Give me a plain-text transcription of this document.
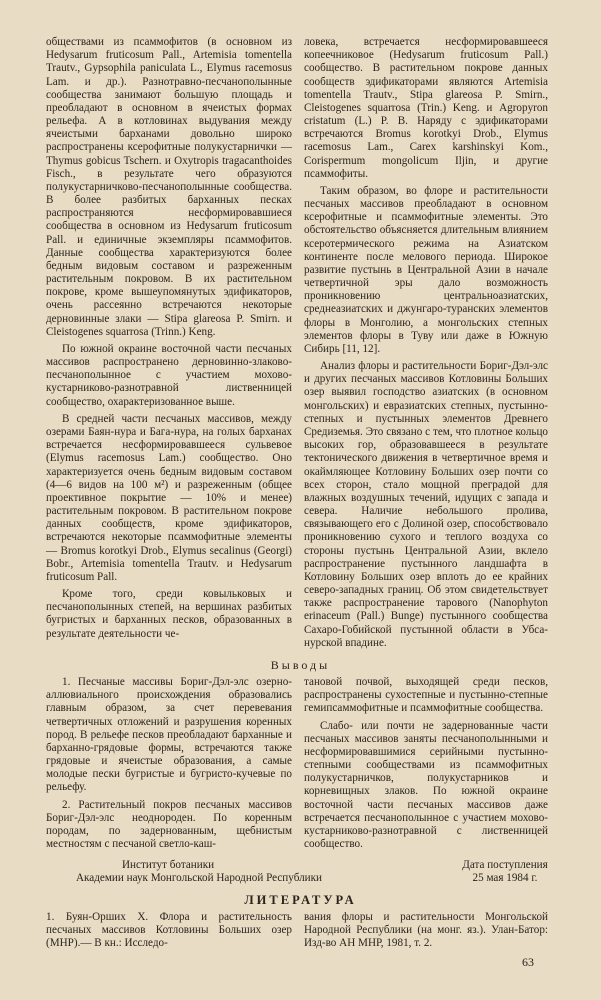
обществами из псаммофитов (в основном из Hedysarum fruticosum Pall., Artemisia tomentella Trautv., Gypsophila paniculata L., Elymus racemosus Lam. и др.). Разнотравно-песчанополынные сообщества занимают большую площадь и преобладают в основном в ячеистых формах рельефа. А в котловинах выдувания между ячеистыми барханами довольно широко распространены ксерофитные полукустарнички — Thymus gobicus Tschern. и Oxytropis tragacanthoides Fisch., в результате чего образуются полукустарничково-песчанополынные сообщества. В более разбитых барханных песках распространяются несформировавшиеся сообщества в основном из Hedysarum fruticosum Pall. и единичные экземпляры псаммофитов. Данные сообщества характеризуются более бедным видовым составом и разреженным растительным покровом. В их растительном покрове, кроме вышеупомянутых эдификаторов, очень рассеянно встречаются некоторые дерновинные злаки — Stipa glareosa P. Smirn. и Cleistogenes squarrosa (Trinn.) Keng.

По южной окраине восточной части песчаных массивов распространено дерновинно-злаково-песчанополынное с участием мохово-кустарниково-разнотравной лиственницей сообщество, охарактеризованное выше.

В средней части песчаных массивов, между озерами Баян-нура и Бага-нура, на голых барханах встречается несформировавшееся сульвевое (Elymus racemosus Lam.) сообщество. Оно характеризуется очень бедным видовым составом (4—6 видов на 100 м²) и разреженным (общее проективное покрытие — 10% и менее) растительным покровом. В растительном покрове данных сообществ, кроме эдификаторов, встречаются некоторые псаммофитные элементы — Bromus korotkyi Drob., Elymus secalinus (Georgi) Bobr., Artemisia tomentella Trautv. и Hedysarum fruticosum Pall.

Кроме того, среди ковыльковых и песчанополынных степей, на вершинах разбитых бугристых и барханных песков, образованных в результате деятельности че-

ловека, встречается несформировавшееся копеечниковое (Hedysarum fruticosum Pall.) сообщество. В растительном покрове данных сообществ эдификаторами являются Artemisia tomentella Trautv., Stipa glareosa P. Smirn., Cleistogenes squarrosa (Trin.) Keng. и Agropyron cristatum (L.) P. B. Наряду с эдификаторами встречаются Bromus korotkyi Drob., Elymus racemosus Lam., Carex karshinskyi Kom., Corispermum mongolicum Iljin, и другие псаммофиты.

Таким образом, во флоре и растительности песчаных массивов преобладают в основном ксерофитные и псаммофитные элементы. Это обстоятельство объясняется длительным влиянием ксеротермического режима на Азиатском континенте после мелового периода. Широкое развитие пустынь в Центральной Азии в начале четвертичной эры дало возможность проникновению центральноазиатских, среднеазиатских и джунгаро-туранских элементов флоры в Монголию, а монгольских степных элементов флоры в Туву или даже в Южную Сибирь [11, 12].

Анализ флоры и растительности Бориг-Дэл-элс и других песчаных массивов Котловины Больших озер выявил господство азиатских (в основном монгольских) и евразиатских степных, пустынно-степных и пустынных элементов Древнего Средиземья. Это связано с тем, что плотное кольцо высоких гор, образовавшееся в результате тектонического движения в четвертичное время и окаймляющее Котловину Больших озер почти со всех сторон, стало мощной преградой для влажных воздушных течений, идущих с запада и севера. Наличие небольшого пролива, связывающего его с Долиной озер, способствовало проникновению сухого и теплого воздуха со стороны пустынь Центральной Азии, вклело распространение пустынного ландшафта в Котловину Больших озер вплоть до ее крайних северо-западных границ. Об этом свидетельствует также распространение тарового (Nanophyton erinaceum (Pall.) Bunge) пустынного сообщества Сахаро-Гобийской пустынной области в Убса-нурской впадине.

Выводы

1. Песчаные массивы Бориг-Дэл-элс озерно-аллювиального происхождения образовались главным образом, за счет перевевания четвертичных отложений и разрушения коренных пород. В рельефе песков преобладают барханные и барханно-грядовые формы, встречаются также грядовые и ячеистые образования, а самые молодые пески бугристые и бугристо-кучевые по рельефу.

2. Растительный покров песчаных массивов Бориг-Дэл-элс неоднороден. По коренным породам, по задернованным, щебнистым местностям с песчаной светло-каш-

тановой почвой, выходящей среди песков, распространены сухостепные и пустынно-степные гемипсаммофитные и псаммофитные сообщества.

Слабо- или почти не задернованные части песчаных массивов заняты песчанополынными и несформировавшимися серийными пустынно-степными сообществами из псаммофитных полукустарничков, полукустарников и корневищных злаков. По южной окраине восточной части песчаных массивов даже встречается песчанополынное с участием мохово-кустарниково-разнотравной с лиственницей сообщество.

Институт ботаники
Академии наук Монгольской Народной Республики
Дата поступления
25 мая 1984 г.
ЛИТЕРАТУРА

1. Буян-Орших Х. Флора и растительность песчаных массивов Котловины Больших озер (МНР).— В кн.: Исследо-

вания флоры и растительности Монгольской Народной Республики (на монг. яз.). Улан-Батор: Изд-во АН МНР, 1981, т. 2.

63
